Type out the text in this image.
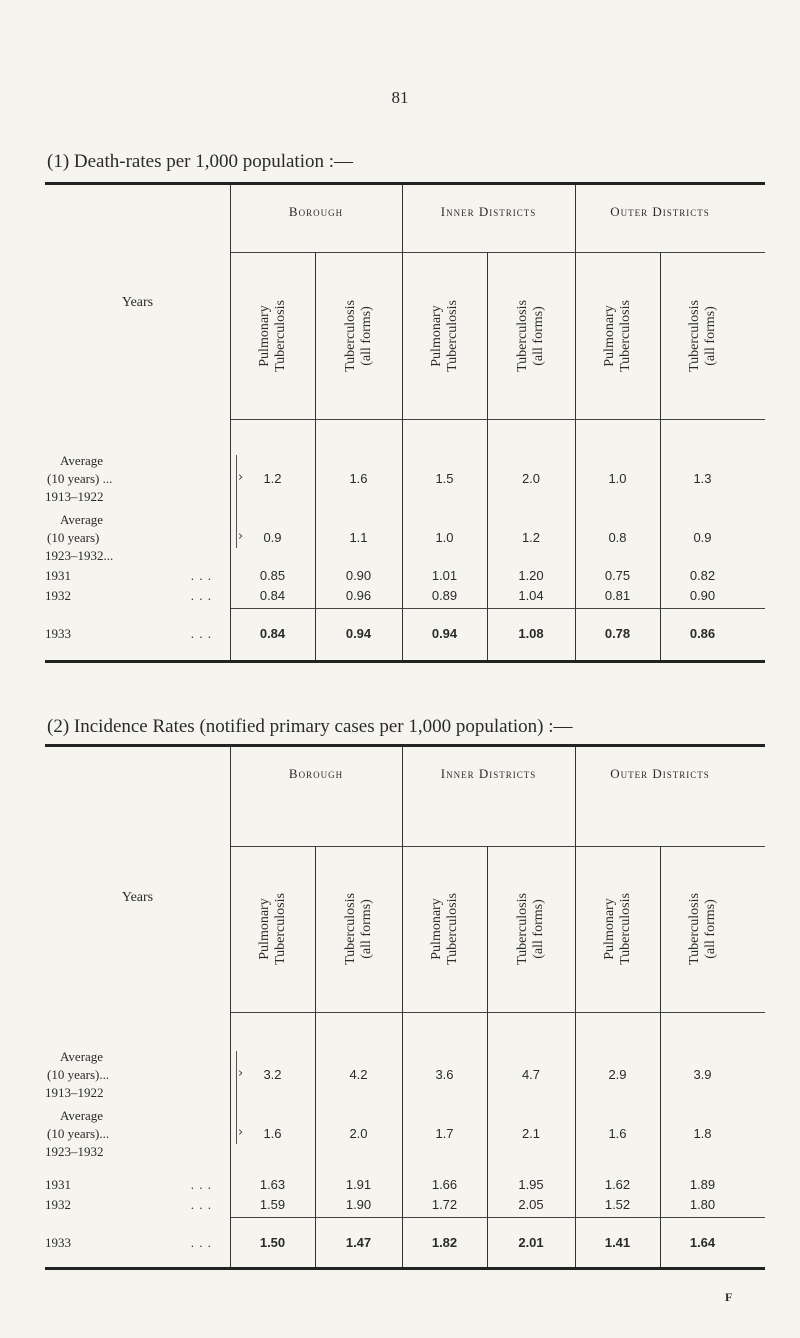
81
(1) Death-rates per 1,000 population :—
Borough	Inner Districts	Outer Districts
Years
Pulmonary Tuberculosis	Tuberculosis (all forms)	Pulmonary Tuberculosis	Tuberculosis (all forms)	Pulmonary Tuberculosis	Tuberculosis (all forms)
Average
(10 years) ...
1913–1922
1.2	1.6	1.5	2.0	1.0	1.3
Average
(10 years)
1923–1932...
0.9	1.1	1.0	1.2	0.8	0.9
1931	. . .	0.85	0.90	1.01	1.20	0.75	0.82
1932	. . .	0.84	0.96	0.89	1.04	0.81	0.90
1933	. . .	0.84	0.94	0.94	1.08	0.78	0.86
›
›
(2) Incidence Rates (notified primary cases per 1,000 population) :—
Borough	Inner Districts	Outer Districts
Years
Pulmonary Tuberculosis	Tuberculosis (all forms)	Pulmonary Tuberculosis	Tuberculosis (all forms)	Pulmonary Tuberculosis	Tuberculosis (all forms)
Average
(10 years)...
1913–1922
3.2	4.2	3.6	4.7	2.9	3.9
Average
(10 years)...
1923–1932
1.6	2.0	1.7	2.1	1.6	1.8
1931	. . .	1.63	1.91	1.66	1.95	1.62	1.89
1932	. . .	1.59	1.90	1.72	2.05	1.52	1.80
1933	. . .	1.50	1.47	1.82	2.01	1.41	1.64
›
›
F
